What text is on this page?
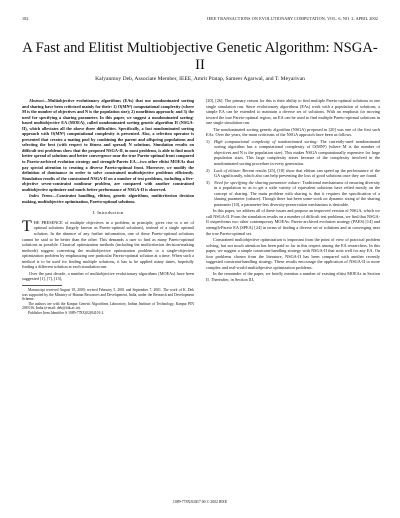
182	IEEE TRANSACTIONS ON EVOLUTIONARY COMPUTATION, VOL. 6, NO. 2, APRIL 2002
A Fast and Elitist Multiobjective Genetic Algorithm: NSGA-II
Kalyanmoy Deb, Associate Member, IEEE, Amrit Pratap, Sameer Agarwal, and T. Meyarivan

Abstract—Multiobjective evolutionary algorithms (EAs) that use nondominated sorting and sharing have been criticized mainly for their: 1) O(MN³) computational complexity (where M is the number of objectives and N is the population size); 2) nonelitism approach; and 3) the need for specifying a sharing parameter. In this paper, we suggest a nondominated sorting-based multiobjective EA (MOEA), called nondominated sorting genetic algorithm II (NSGA-II), which alleviates all the above three difficulties. Specifically, a fast nondominated sorting approach with O(MN²) computational complexity is presented. Also, a selection operator is presented that creates a mating pool by combining the parent and offspring populations and selecting the best (with respect to fitness and spread) N solutions. Simulation results on difficult test problems show that the proposed NSGA-II, in most problems, is able to find much better spread of solutions and better convergence near the true Pareto-optimal front compared to Pareto-archived evolution strategy and strength-Pareto EA—two other elitist MOEAs that pay special attention to creating a diverse Pareto-optimal front. Moreover, we modify the definition of dominance in order to solve constrained multiobjective problems efficiently. Simulation results of the constrained NSGA-II on a number of test problems, including a five-objective seven-constraint nonlinear problem, are compared with another constrained multiobjective optimizer and much better performance of NSGA-II is observed.

Index Terms—Constraint handling, elitism, genetic algorithms, multicriterion decision making, multiobjective optimization, Pareto-optimal solutions.

I. Introduction

THE PRESENCE of multiple objectives in a problem, in principle, gives rise to a set of optimal solutions (largely known as Pareto-optimal solutions), instead of a single optimal solution. In the absence of any further information, one of these Pareto-optimal solutions cannot be said to be better than the other. This demands a user to find as many Pareto-optimal solutions as possible. Classical optimization methods (including the multicriterion decision-making methods) suggest converting the multiobjective optimization problem to a single-objective optimization problem by emphasizing one particular Pareto-optimal solution at a time. When such a method is to be used for finding multiple solutions, it has to be applied many times, hopefully finding a different solution at each simulation run.

Over the past decade, a number of multiobjective evolutionary algorithms (MOEAs) have been suggested [1], [7], [13],

Manuscript received August 18, 2000; revised February 5, 2001 and September 7, 2001. The work of K. Deb was supported by the Ministry of Human Resources and Development, India, under the Research and Development Scheme.

The authors are with the Kanpur Genetic Algorithms Laboratory, Indian Institute of Technology, Kanpur PIN 208 016, India (e-mail: deb@iitk.ac.in).

Publisher Item Identifier S 1089-778X(02)04101-2.

[20], [26]. The primary reason for this is their ability to find multiple Pareto-optimal solutions in one single simulation run. Since evolutionary algorithms (EAs) work with a population of solutions, a simple EA can be extended to maintain a diverse set of solutions. With an emphasis for moving toward the true Pareto-optimal region, an EA can be used to find multiple Pareto-optimal solutions in one single simulation run.

The nondominated sorting genetic algorithm (NSGA) proposed in [20] was one of the first such EAs. Over the years, the main criticisms of the NSGA approach have been as follows.

1) High computational complexity of nondominated sorting: The currently-used nondominated sorting algorithm has a computational complexity of O(MN³) (where M is the number of objectives and N is the population size). This makes NSGA computationally expensive for large population sizes. This large complexity arises because of the complexity involved in the nondominated sorting procedure in every generation.
2) Lack of elitism: Recent results [25], [18] show that elitism can speed up the performance of the GA significantly, which also can help preventing the loss of good solutions once they are found.
3) Need for specifying the sharing parameter σshare: Traditional mechanisms of ensuring diversity in a population so as to get a wide variety of equivalent solutions have relied mostly on the concept of sharing. The main problem with sharing is that it requires the specification of a sharing parameter (σshare). Though there has been some work on dynamic sizing of the sharing parameter [10], a parameter-less diversity-preservation mechanism is desirable.

In this paper, we address all of these issues and propose an improved version of NSGA, which we call NSGA-II. From the simulation results on a number of difficult test problems, we find that NSGA-II outperforms two other contemporary MOEAs: Pareto-archived evolution strategy (PAES) [14] and strength-Pareto EA (SPEA) [24] in terms of finding a diverse set of solutions and in converging near the true Pareto-optimal set.

Constrained multiobjective optimization is important from the point of view of practical problem solving, but not much attention has been paid so far in this respect among the EA researchers. In this paper, we suggest a simple constraint-handling strategy with NSGA-II that suits well for any EA. On four problems chosen from the literature, NSGA-II has been compared with another recently suggested constraint-handling strategy. These results encourage the application of NSGA-II to more complex and real-world multiobjective optimization problems.

In the remainder of the paper, we briefly mention a number of existing elitist MOEAs in Section II. Thereafter, in Section III,

1089-778X/02$17.00 © 2002 IEEE
